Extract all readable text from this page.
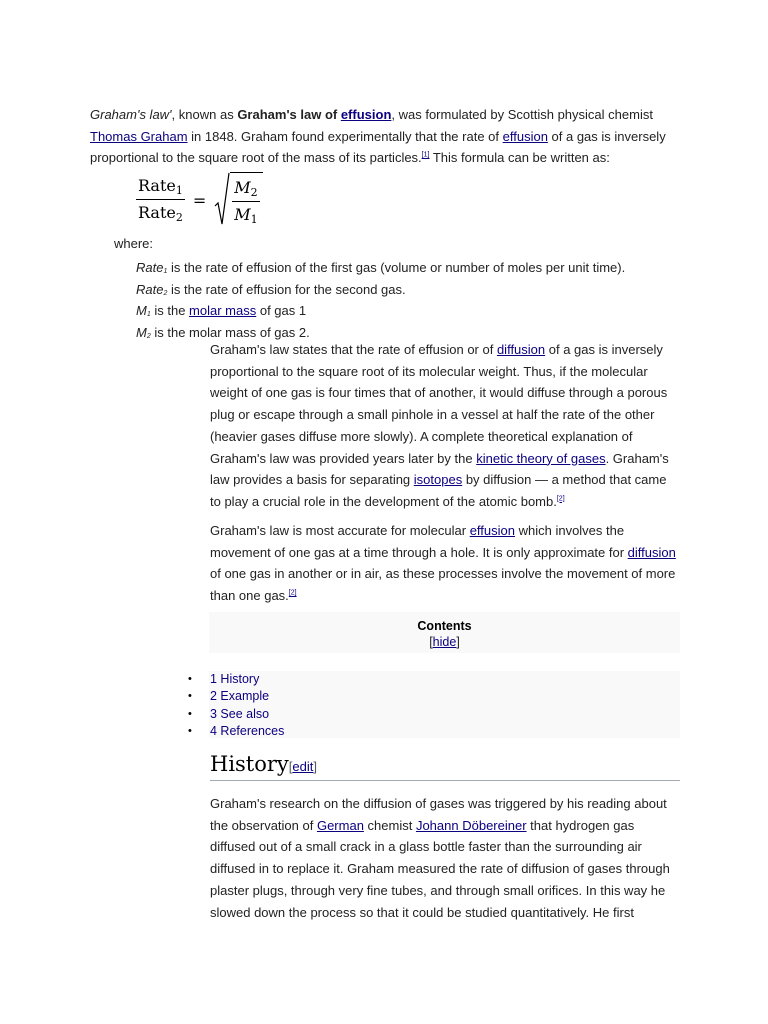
Graham's law', known as Graham's law of effusion, was formulated by Scottish physical chemist Thomas Graham in 1848. Graham found experimentally that the rate of effusion of a gas is inversely proportional to the square root of the mass of its particles.[1] This formula can be written as:
$\frac{Rate_1}{Rate_2} = \frac{M_2}{M_1}$
where:
Rate1 is the rate of effusion of the first gas (volume or number of moles per unit time).
Rate2 is the rate of effusion for the second gas.
M1 is the molar mass of gas 1
M2 is the molar mass of gas 2.
Graham's law states that the rate of effusion or of diffusion of a gas is inversely proportional to the square root of its molecular weight. Thus, if the molecular weight of one gas is four times that of another, it would diffuse through a porous plug or escape through a small pinhole in a vessel at half the rate of the other (heavier gases diffuse more slowly). A complete theoretical explanation of Graham's law was provided years later by the kinetic theory of gases. Graham's law provides a basis for separating isotopes by diffusion — a method that came to play a crucial role in the development of the atomic bomb.[2]
Graham's law is most accurate for molecular effusion which involves the movement of one gas at a time through a hole. It is only approximate for diffusion of one gas in another or in air, as these processes involve the movement of more than one gas.[2]
Contents
[hide]
•	1 History
•	2 Example
•	3 See also
•	4 References
History[edit]
Graham's research on the diffusion of gases was triggered by his reading about the observation of German chemist Johann Döbereiner that hydrogen gas diffused out of a small crack in a glass bottle faster than the surrounding air diffused in to replace it. Graham measured the rate of diffusion of gases through plaster plugs, through very fine tubes, and through small orifices. In this way he slowed down the process so that it could be studied quantitatively. He first
